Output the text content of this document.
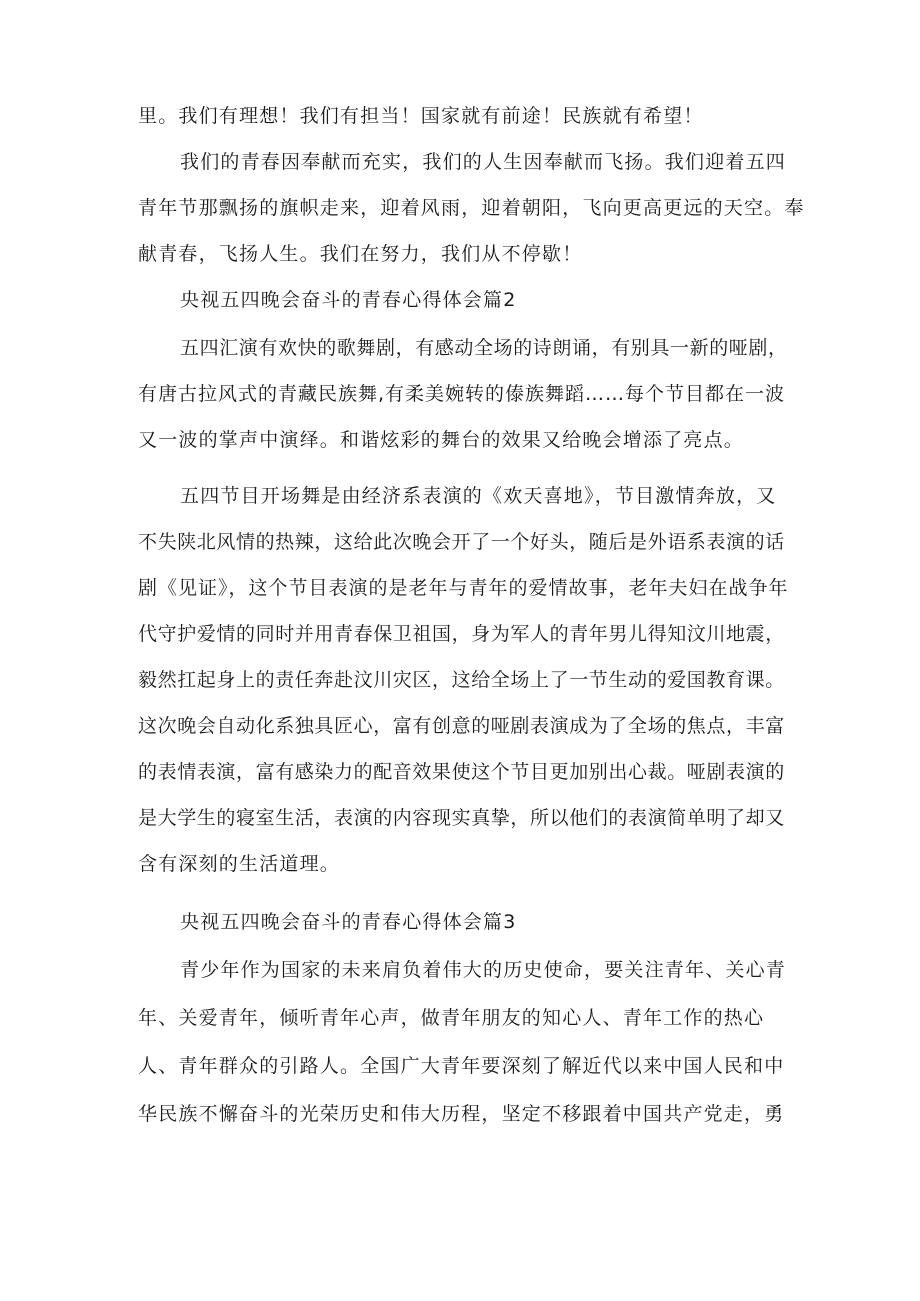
里。我们有理想！我们有担当！国家就有前途！民族就有希望！
我们的青春因奉献而充实，我们的人生因奉献而飞扬。我们迎着五四
青年节那飘扬的旗帜走来，迎着风雨，迎着朝阳，飞向更高更远的天空。奉
献青春，飞扬人生。我们在努力，我们从不停歇！
央视五四晚会奋斗的青春心得体会篇2
五四汇演有欢快的歌舞剧，有感动全场的诗朗诵，有别具一新的哑剧，
有唐古拉风式的青藏民族舞,有柔美婉转的傣族舞蹈……每个节目都在一波
又一波的掌声中演绎。和谐炫彩的舞台的效果又给晚会增添了亮点。
五四节目开场舞是由经济系表演的《欢天喜地》，节目激情奔放，又
不失陕北风情的热辣，这给此次晚会开了一个好头，随后是外语系表演的话
剧《见证》，这个节目表演的是老年与青年的爱情故事，老年夫妇在战争年
代守护爱情的同时并用青春保卫祖国，身为军人的青年男儿得知汶川地震，
毅然扛起身上的责任奔赴汶川灾区，这给全场上了一节生动的爱国教育课。
这次晚会自动化系独具匠心，富有创意的哑剧表演成为了全场的焦点，丰富
的表情表演，富有感染力的配音效果使这个节目更加别出心裁。哑剧表演的
是大学生的寝室生活，表演的内容现实真挚，所以他们的表演简单明了却又
含有深刻的生活道理。
央视五四晚会奋斗的青春心得体会篇3
青少年作为国家的未来肩负着伟大的历史使命，要关注青年、关心青
年、关爱青年，倾听青年心声，做青年朋友的知心人、青年工作的热心
人、青年群众的引路人。全国广大青年要深刻了解近代以来中国人民和中
华民族不懈奋斗的光荣历史和伟大历程，坚定不移跟着中国共产党走，勇
